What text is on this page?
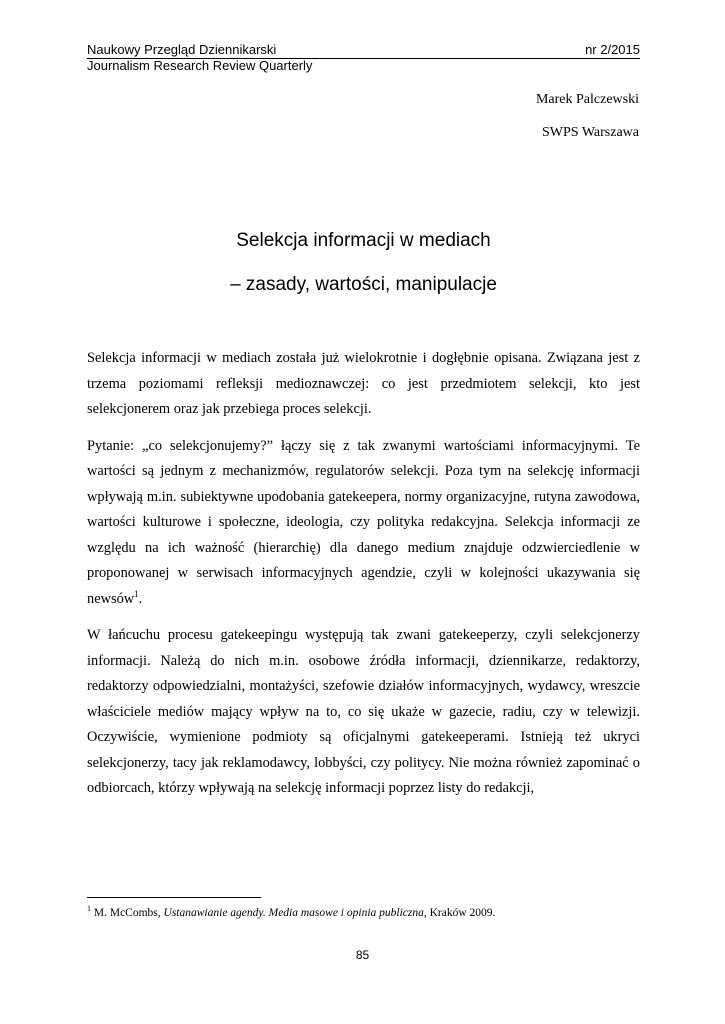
Naukowy Przegląd Dziennikarski	nr 2/2015
Journalism Research Review Quarterly
Marek Palczewski
SWPS Warszawa
Selekcja informacji w mediach
– zasady, wartości, manipulacje

Selekcja informacji w mediach została już wielokrotnie i dogłębnie opisana. Związana jest z trzema poziomami refleksji medioznawczej: co jest przedmiotem selekcji, kto jest selekcjonerem oraz jak przebiega proces selekcji.

Pytanie: „co selekcjonujemy?” łączy się z tak zwanymi wartościami informacyjnymi. Te wartości są jednym z mechanizmów, regulatorów selekcji. Poza tym na selekcję informacji wpływają m.in. subiektywne upodobania gatekeepera, normy organizacyjne, rutyna zawodowa, wartości kulturowe i społeczne, ideologia, czy polityka redakcyjna. Selekcja informacji ze względu na ich ważność (hierarchię) dla danego medium znajduje odzwierciedlenie w proponowanej w serwisach informacyjnych agendzie, czyli w kolejności ukazywania się newsów$^1$.

W łańcuchu procesu gatekeepingu występują tak zwani gatekeeperzy, czyli selekcjonerzy informacji. Należą do nich m.in. osobowe źródła informacji, dziennikarze, redaktorzy, redaktorzy odpowiedzialni, montażyści, szefowie działów informacyjnych, wydawcy, wreszcie właściciele mediów mający wpływ na to, co się ukaże w gazecie, radiu, czy w telewizji. Oczywiście, wymienione podmioty są oficjalnymi gatekeeperami. Istnieją też ukryci selekcjonerzy, tacy jak reklamodawcy, lobbyści, czy politycy. Nie można również zapominać o odbiorcach, którzy wpływają na selekcję informacji poprzez listy do redakcji,

$^1$ M. McCombs, Ustanawianie agendy. Media masowe i opinia publiczna, Kraków 2009.
85
